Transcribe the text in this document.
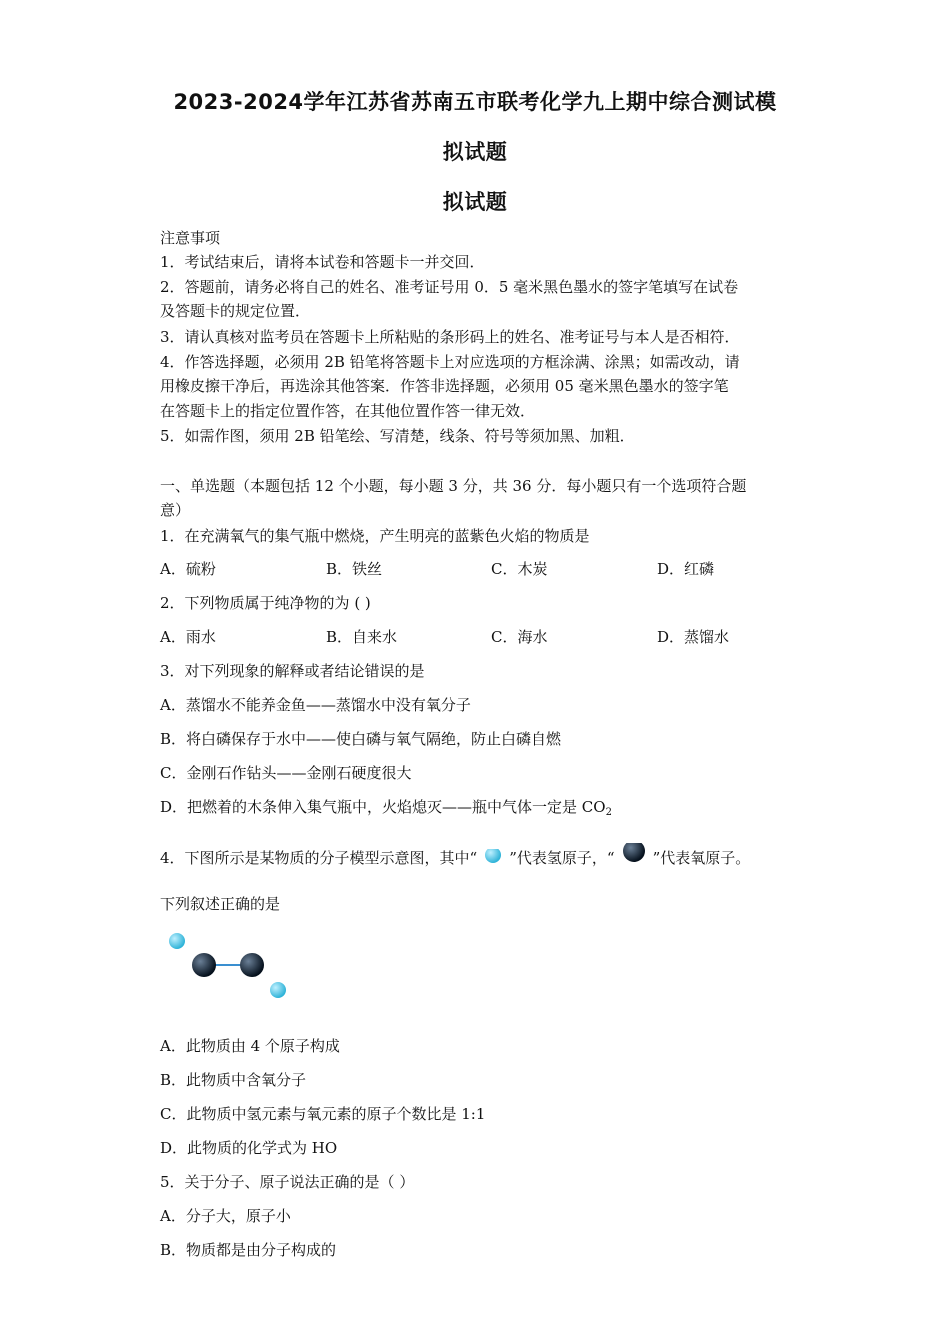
2023-2024学年江苏省苏南五市联考化学九上期中综合测试模
拟试题
拟试题
注意事项
1．考试结束后，请将本试卷和答题卡一并交回．
2．答题前，请务必将自己的姓名、准考证号用 0．5 毫米黑色墨水的签字笔填写在试卷
及答题卡的规定位置．
3．请认真核对监考员在答题卡上所粘贴的条形码上的姓名、准考证号与本人是否相符．
4．作答选择题，必须用 2B 铅笔将答题卡上对应选项的方框涂满、涂黑；如需改动，请
用橡皮擦干净后，再选涂其他答案．作答非选择题，必须用 05 毫米黑色墨水的签字笔
在答题卡上的指定位置作答，在其他位置作答一律无效．
5．如需作图，须用 2B 铅笔绘、写清楚，线条、符号等须加黑、加粗．
一、单选题（本题包括 12 个小题，每小题 3 分，共 36 分．每小题只有一个选项符合题
意）
1．在充满氧气的集气瓶中燃烧，产生明亮的蓝紫色火焰的物质是
A．硫粉	B．铁丝	C．木炭	D．红磷
2．下列物质属于纯净物的为 ( )
A．雨水	B．自来水	C．海水	D．蒸馏水
3．对下列现象的解释或者结论错误的是
A．蒸馏水不能养金鱼——蒸馏水中没有氧分子
B．将白磷保存于水中——使白磷与氧气隔绝，防止白磷自燃
C．金刚石作钻头——金刚石硬度很大
D．把燃着的木条伸入集气瓶中，火焰熄灭——瓶中气体一定是 $CO_2$
4．下图所示是某物质的分子模型示意图，其中“ ”代表氢原子，“	”代表氧原子。
下列叙述正确的是
A．此物质由 4 个原子构成
B．此物质中含氧分子
C．此物质中氢元素与氧元素的原子个数比是 1:1
D．此物质的化学式为 HO
5．关于分子、原子说法正确的是（ ）
A．分子大，原子小
B．物质都是由分子构成的
